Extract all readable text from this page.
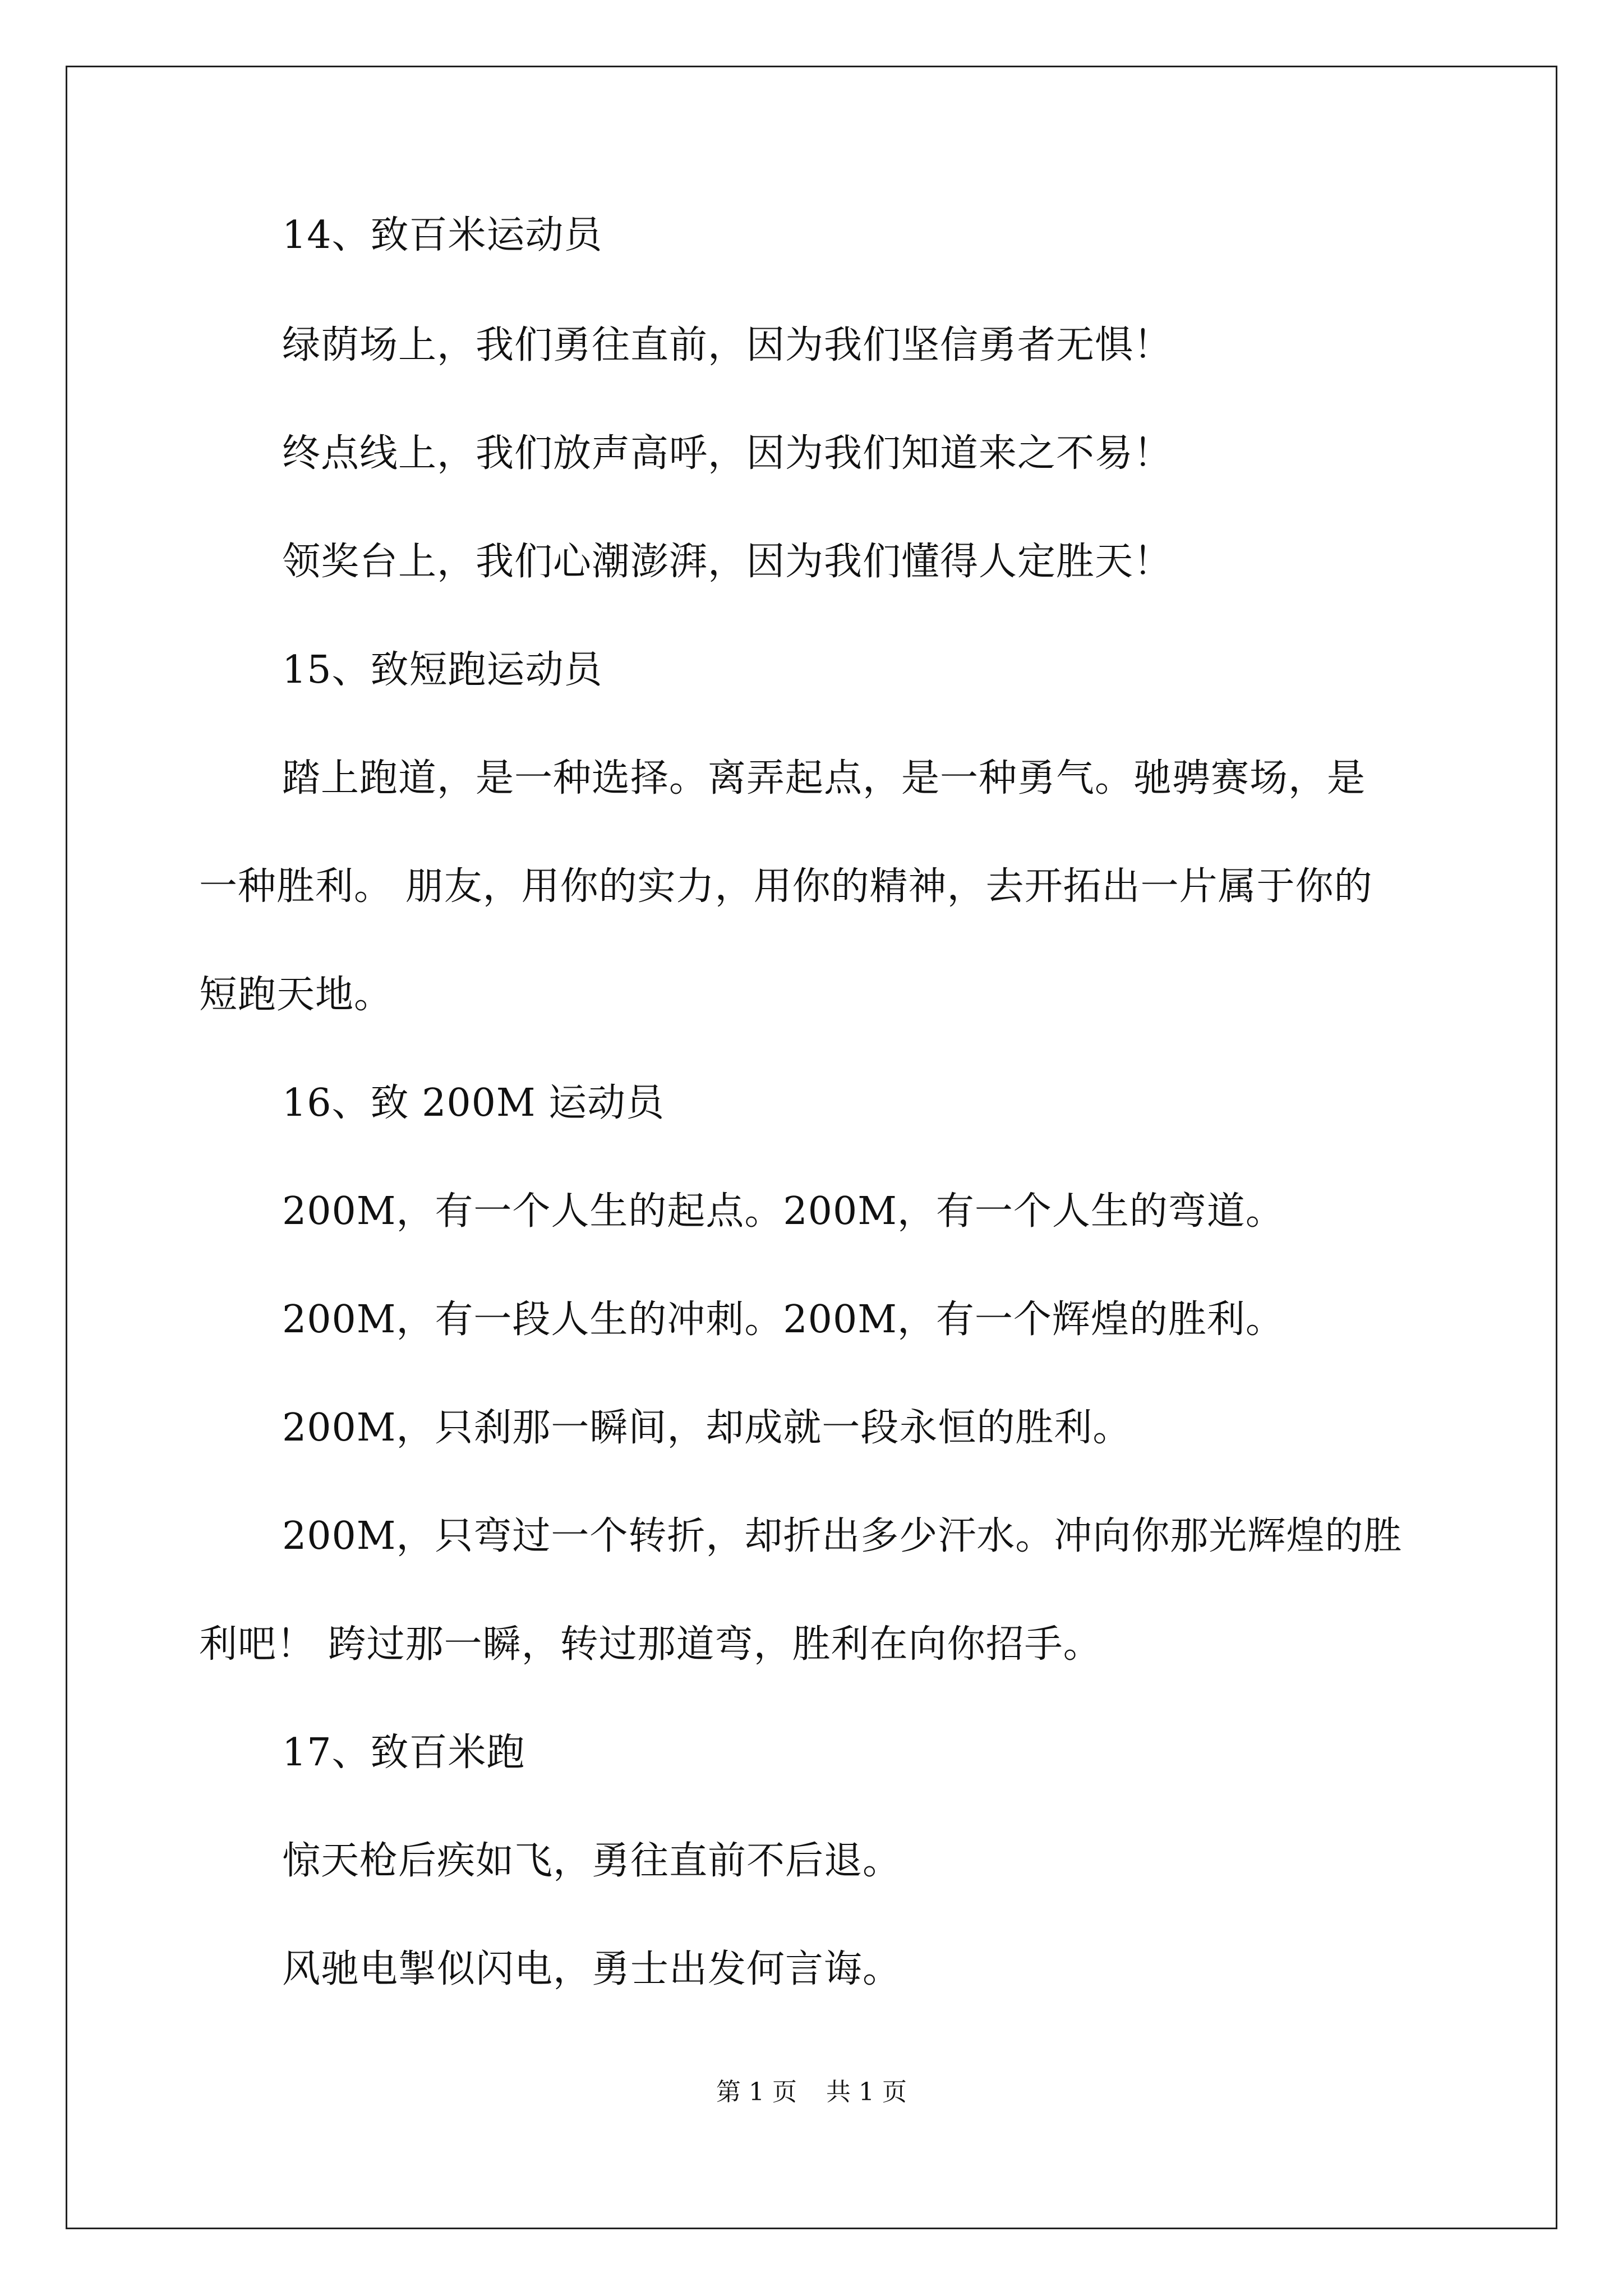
14、致百米运动员
绿荫场上，我们勇往直前，因为我们坚信勇者无惧！
终点线上，我们放声高呼，因为我们知道来之不易！
领奖台上，我们心潮澎湃，因为我们懂得人定胜天！
15、致短跑运动员
踏上跑道，是一种选择。离弄起点，是一种勇气。驰骋赛场，是
一种胜利。 朋友，用你的实力，用你的精神，去开拓出一片属于你的
短跑天地。
16、致 200M 运动员
200M，有一个人生的起点。200M，有一个人生的弯道。
200M，有一段人生的冲刺。200M，有一个辉煌的胜利。
200M，只刹那一瞬间，却成就一段永恒的胜利。
200M，只弯过一个转折，却折出多少汗水。冲向你那光辉煌的胜
利吧！ 跨过那一瞬，转过那道弯，胜利在向你招手。
17、致百米跑
惊天枪后疾如飞，勇往直前不后退。
风驰电掣似闪电，勇士出发何言诲。
第 1 页 共 1 页
